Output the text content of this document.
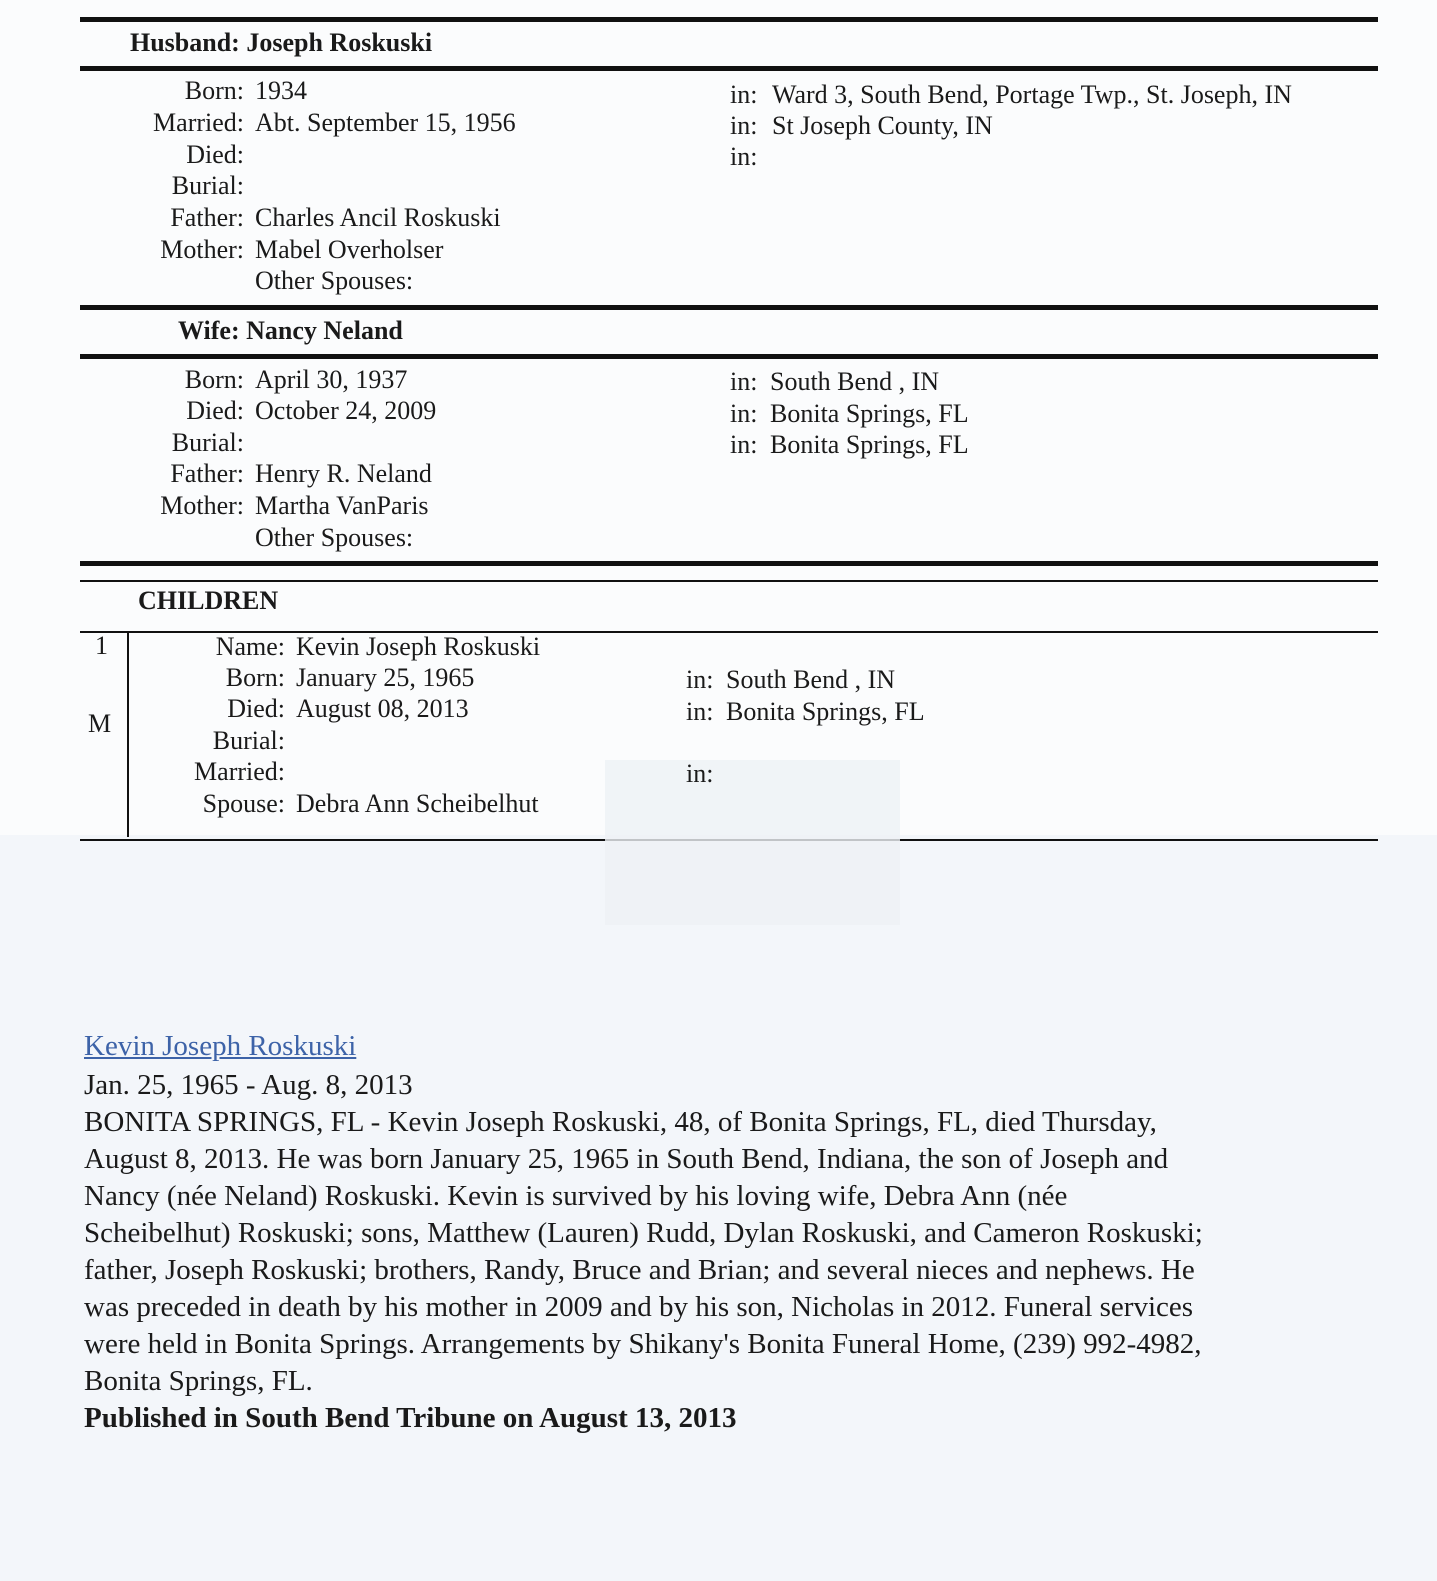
Husband: Joseph Roskuski
Born: 1934	in: Ward 3, South Bend, Portage Twp., St. Joseph, IN
Married: Abt. September 15, 1956	in: St Joseph County, IN
Died:	in:
Burial:
Father: Charles Ancil Roskuski
Mother: Mabel Overholser
Other Spouses:
Wife: Nancy Neland
Born: April 30, 1937	in: South Bend , IN
Died: October 24, 2009	in: Bonita Springs, FL
Burial:	in: Bonita Springs, FL
Father: Henry R. Neland
Mother: Martha VanParis
Other Spouses:
CHILDREN
1
M
Name: Kevin Joseph Roskuski
Born: January 25, 1965	in: South Bend , IN
Died: August 08, 2013	in: Bonita Springs, FL
Burial:
Married:	in:
Spouse: Debra Ann Scheibelhut
Kevin Joseph Roskuski
Jan. 25, 1965 - Aug. 8, 2013
BONITA SPRINGS, FL - Kevin Joseph Roskuski, 48, of Bonita Springs, FL, died Thursday,
August 8, 2013. He was born January 25, 1965 in South Bend, Indiana, the son of Joseph and
Nancy (née Neland) Roskuski. Kevin is survived by his loving wife, Debra Ann (née
Scheibelhut) Roskuski; sons, Matthew (Lauren) Rudd, Dylan Roskuski, and Cameron Roskuski;
father, Joseph Roskuski; brothers, Randy, Bruce and Brian; and several nieces and nephews. He
was preceded in death by his mother in 2009 and by his son, Nicholas in 2012. Funeral services
were held in Bonita Springs. Arrangements by Shikany's Bonita Funeral Home, (239) 992-4982,
Bonita Springs, FL.
Published in South Bend Tribune on August 13, 2013
